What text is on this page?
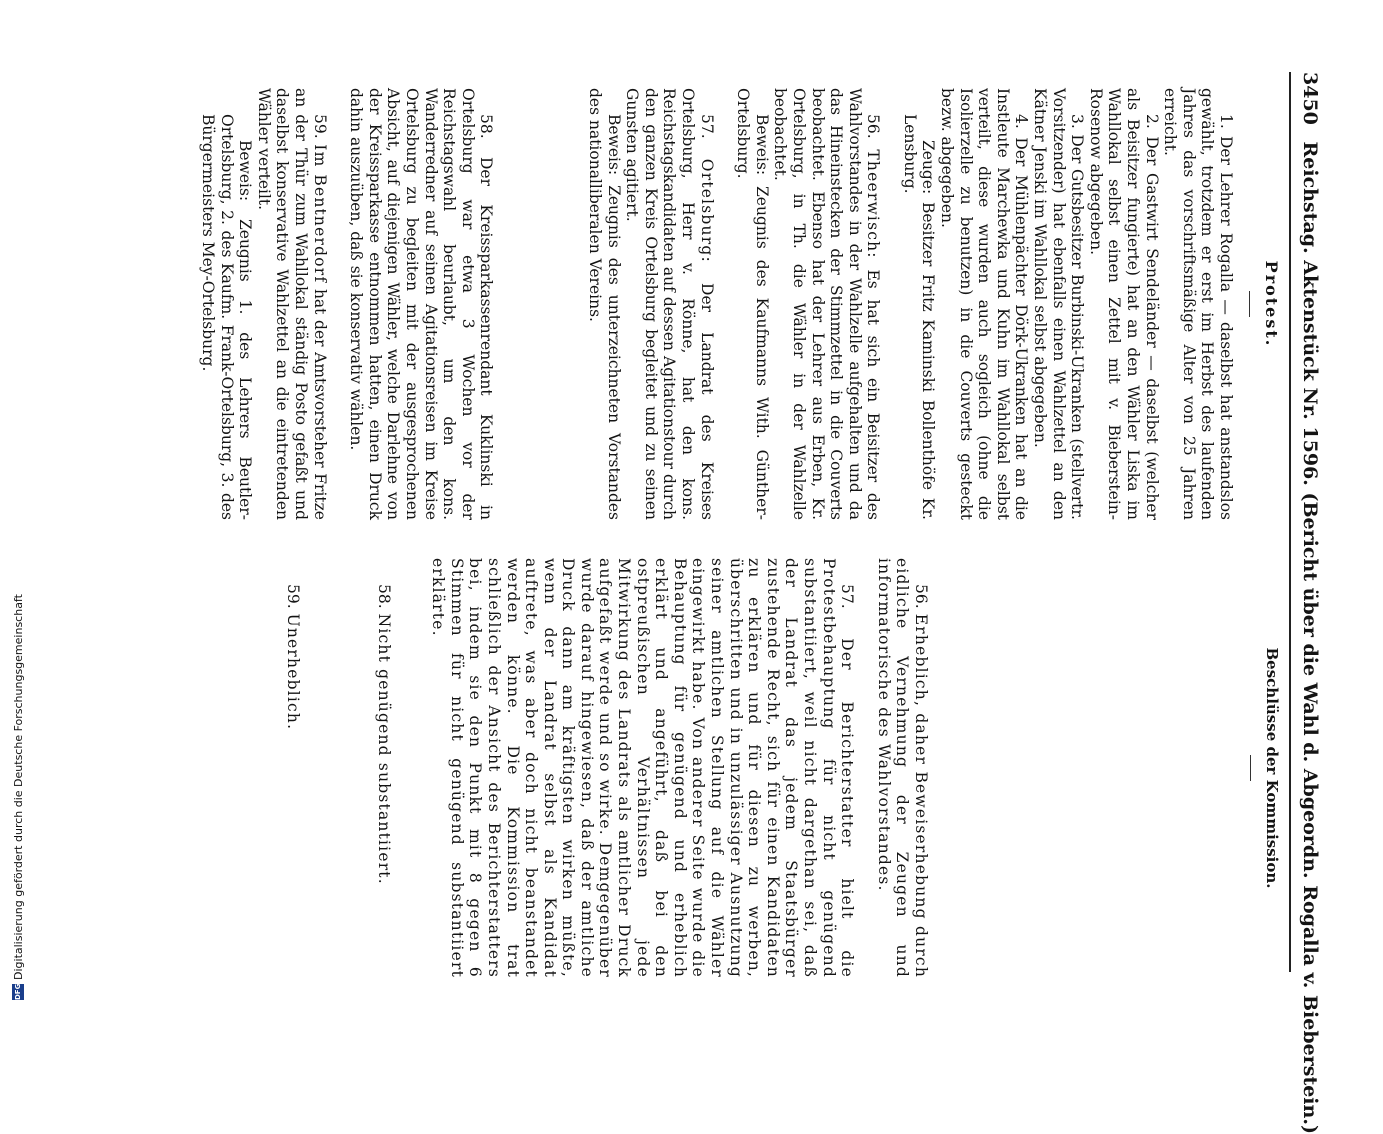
3450 Reichstag. Aktenstück Nr. 1596. (Bericht über die Wahl d. Abgeordn. Rogalla v. Bieberstein.)
Protest.

1. Der Lehrer Rogalla — daselbst hat anstandslos gewählt, trotzdem er erst im Herbst des laufenden Jahres das vorschriftsmäßige Alter von 25 Jahren erreicht.

2. Der Gastwirt Sendeländer — daselbst (welcher als Beisitzer fungierte) hat an den Wähler Liska im Wahllokal selbst einen Zettel mit v. Bieberstein-Rosenow abgegeben.

3. Der Gutsbesitzer Burbinski-Ukranken (stellvertr. Vorsitzender) hat ebenfalls einen Wahlzettel an den Kätner Jenski im Wahllokal selbst abgegeben.

4. Der Mühlenpächter Dörk-Ukranken hat an die Instleute Marchewka und Kuhn im Wahllokal selbst verteilt, diese wurden auch sogleich (ohne die Isolierzelle zu benutzen) in die Couverts gesteckt bezw. abgegeben.

Zeuge: Besitzer Fritz Kaminski Bollenthöfe Kr. Lensburg.

56. Theerwisch: Es hat sich ein Beisitzer des Wahlvorstandes in der Wahlzelle aufgehalten und da das Hineinstecken der Stimmzettel in die Couverts beobachtet. Ebenso hat der Lehrer aus Erben, Kr. Ortelsburg, in Th. die Wähler in der Wahlzelle beobachtet.

Beweis: Zeugnis des Kaufmanns With. Günther-Ortelsburg.

57. Ortelsburg: Der Landrat des Kreises Ortelsburg, Herr v. Rönne, hat den kons. Reichstagskandidaten auf dessen Agitationstour durch den ganzen Kreis Ortelsburg begleitet und zu seinen Gunsten agitiert.

Beweis: Zeugnis des unterzeichneten Vorstandes des nationalliberalen Vereins.

58. Der Kreissparkassenrendant Kuklinski in Ortelsburg war etwa 3 Wochen vor der Reichstagswahl beurlaubt, um den kons. Wanderredner auf seinen Agitationsreisen im Kreise Ortelsburg zu begleiten mit der ausgesprochenen Absicht, auf diejenigen Wähler, welche Darlehne von der Kreissparkasse entnommen hatten, einen Druck dahin auszuüben, daß sie konservativ wählen.

59. Im Bentnerdorf hat der Amtsvorsteher Fritze an der Thür zum Wahllokal ständig Posto gefaßt und daselbst konservative Wahlzettel an die eintretenden Wähler verteilt.

Beweis: Zeugnis 1. des Lehrers Beutler-Ortelsburg, 2. des Kaufm. Frank-Ortelsburg, 3. des Bürgermeisters Mey-Ortelsburg.

Beschlüsse der Kommission.

56. Erheblich, daher Beweiserhebung durch eidliche Vernehmung der Zeugen und informatorische des Wahlvorstandes.

57. Der Berichterstatter hielt die Protestbehauptung für nicht genügend substantiiert, weil nicht dargethan sei, daß der Landrat das jedem Staatsbürger zustehende Recht, sich für einen Kandidaten zu erklären und für diesen zu werben, überschritten und in unzulässiger Ausnutzung seiner amtlichen Stellung auf die Wähler eingewirkt habe. Von anderer Seite wurde die Behauptung für genügend und erheblich erklärt und angeführt, daß bei den ostpreußischen Verhältnissen jede Mitwirkung des Landrats als amtlicher Druck aufgefaßt werde und so wirke. Demgegenüber wurde darauf hingewiesen, daß der amtliche Druck dann am kräftigsten wirken müßte, wenn der Landrat selbst als Kandidat auftrete, was aber doch nicht beanstandet werden könne. Die Kommission trat schließlich der Ansicht des Berichterstatters bei, indem sie den Punkt mit 8 gegen 6 Stimmen für nicht genügend substantiiert erklärte.

58. Nicht genügend substantiiert.

59. Unerheblich.

DFG
Digitalisierung gefördert durch die Deutsche Forschungsgemeinschaft
